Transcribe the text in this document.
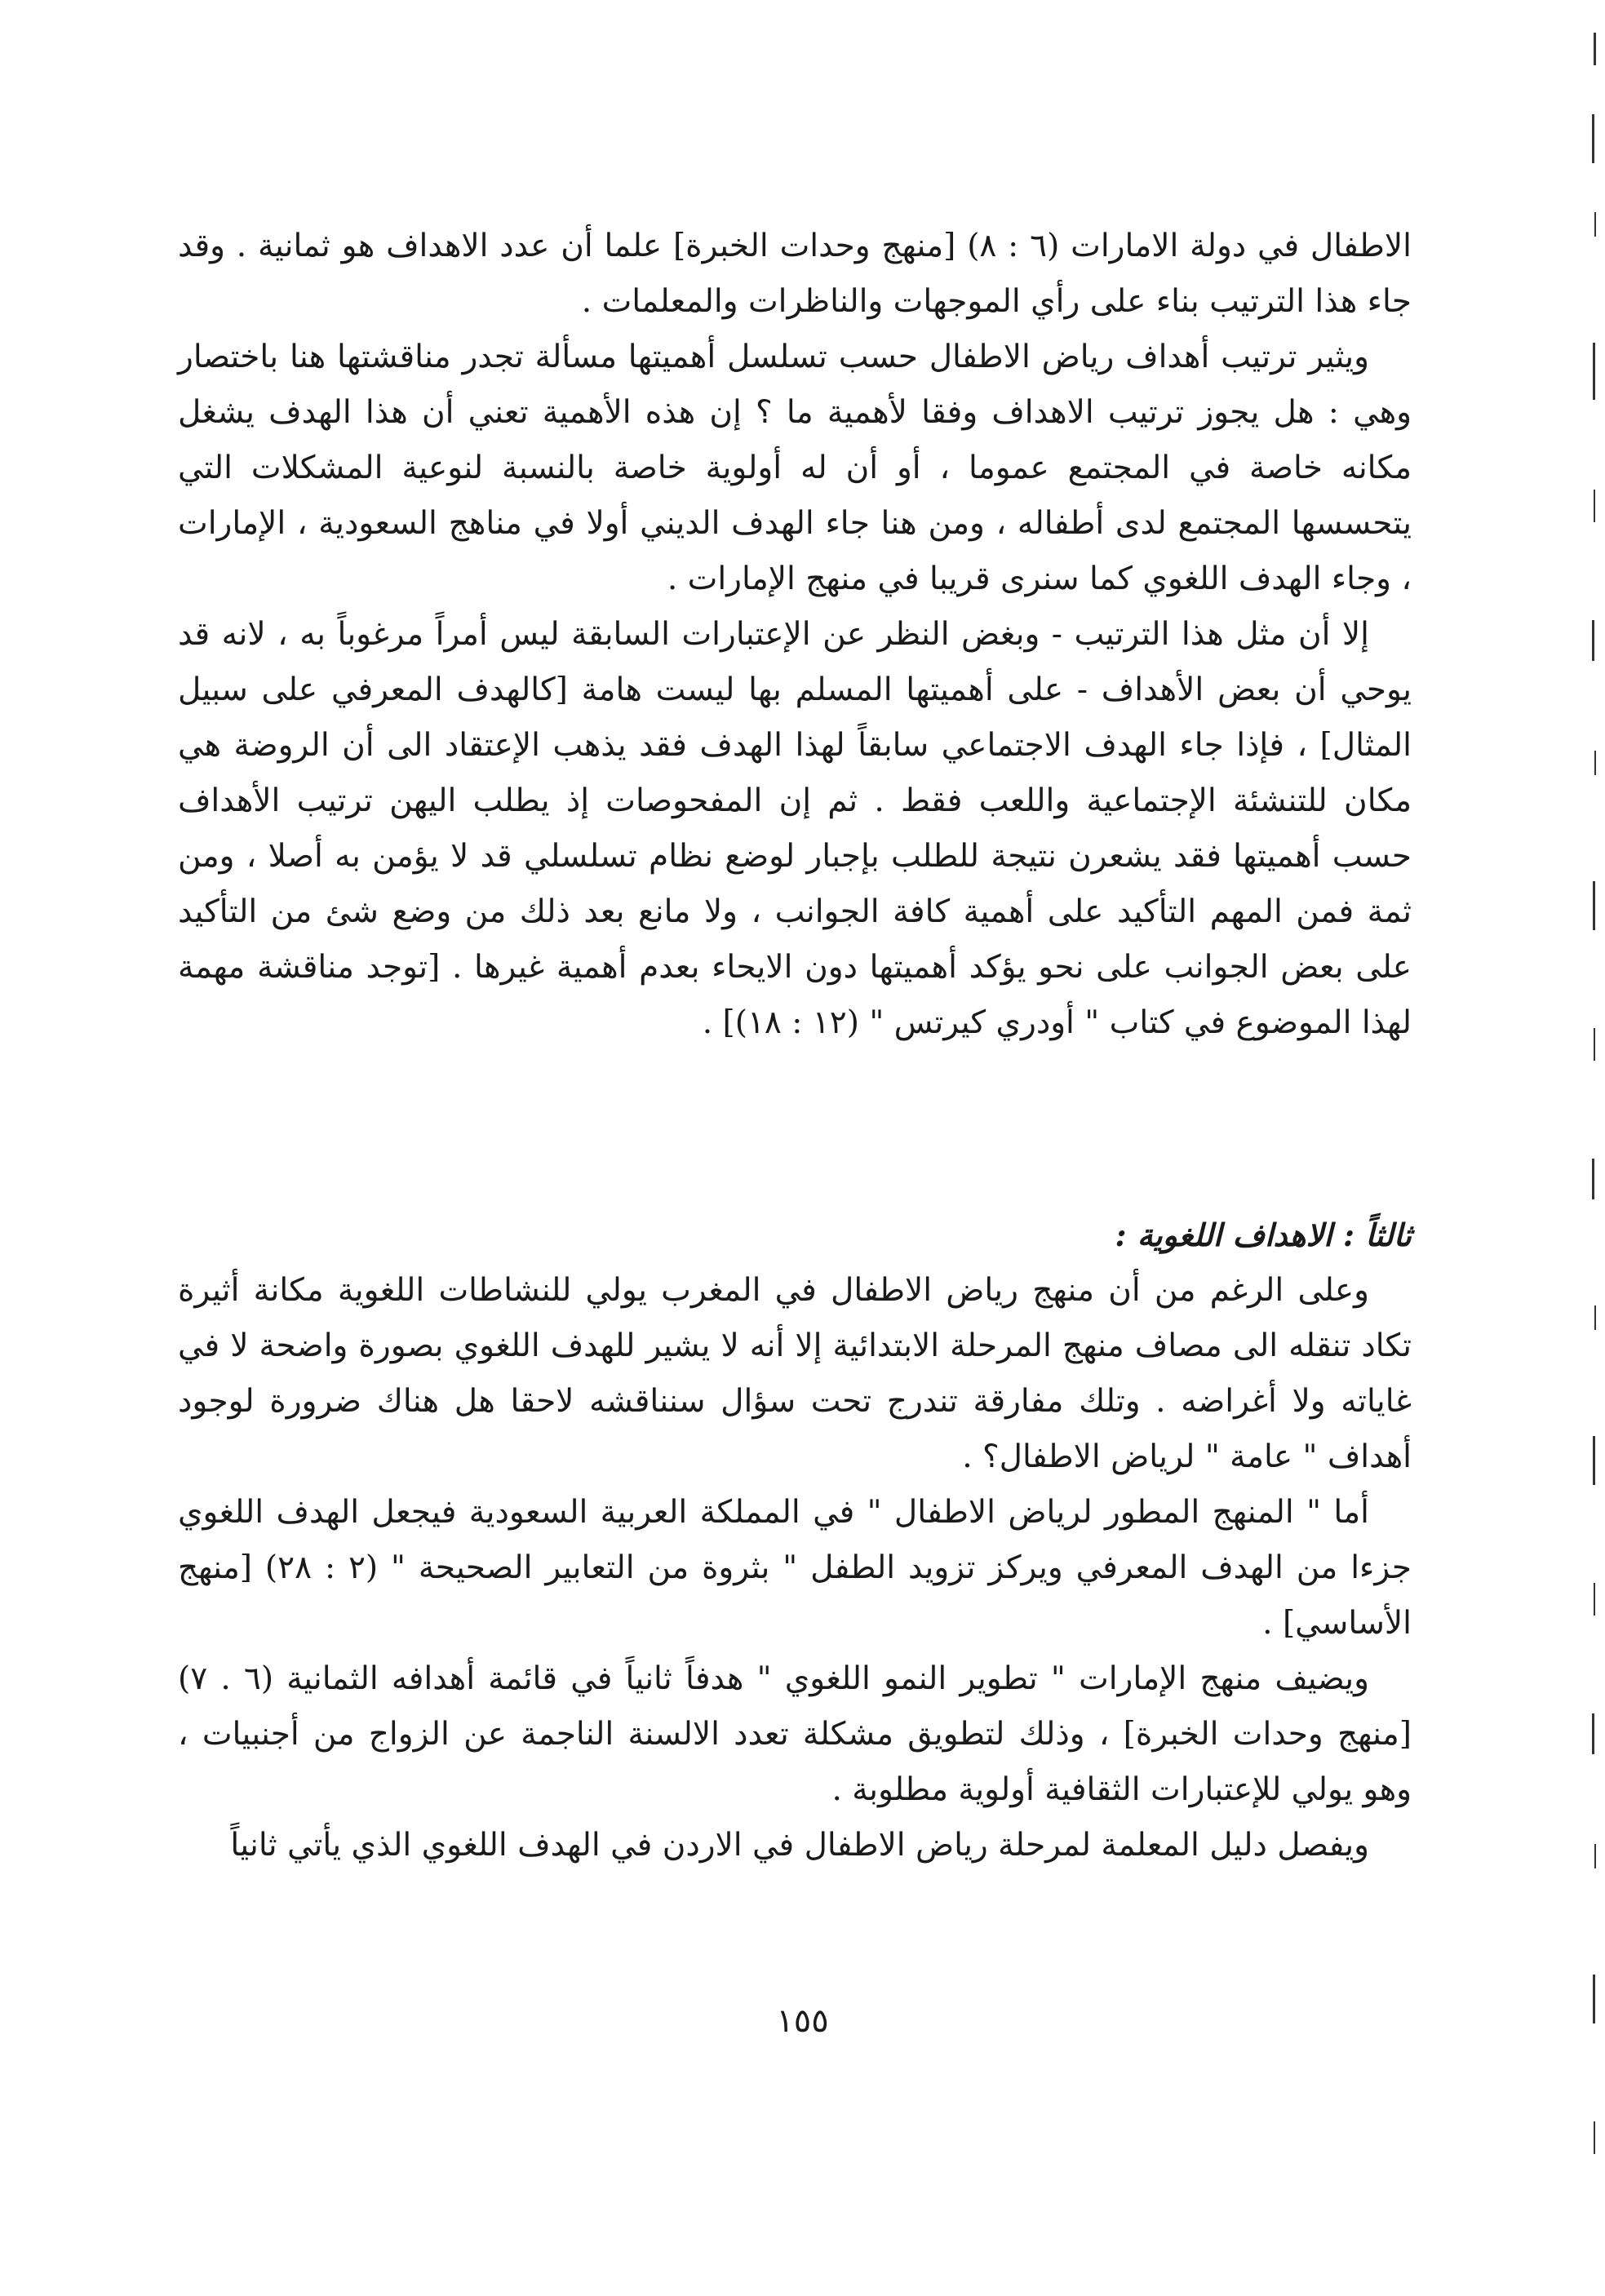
الاطفال في دولة الامارات (٦ : ٨) [منهج وحدات الخبرة] علما أن عدد الاهداف هو ثمانية . وقد جاء هذا الترتيب بناء على رأي الموجهات والناظرات والمعلمات .

ويثير ترتيب أهداف رياض الاطفال حسب تسلسل أهميتها مسألة تجدر مناقشتها هنا باختصار وهي : هل يجوز ترتيب الاهداف وفقا لأهمية ما ؟ إن هذه الأهمية تعني أن هذا الهدف يشغل مكانه خاصة في المجتمع عموما ، أو أن له أولوية خاصة بالنسبة لنوعية المشكلات التي يتحسسها المجتمع لدى أطفاله ، ومن هنا جاء الهدف الديني أولا في مناهج السعودية ، الإمارات ، وجاء الهدف اللغوي كما سنرى قريبا في منهج الإمارات .

إلا أن مثل هذا الترتيب - وبغض النظر عن الإعتبارات السابقة ليس أمراً مرغوباً به ، لانه قد يوحي أن بعض الأهداف - على أهميتها المسلم بها ليست هامة [كالهدف المعرفي على سبيل المثال] ، فإذا جاء الهدف الاجتماعي سابقاً لهذا الهدف فقد يذهب الإعتقاد الى أن الروضة هي مكان للتنشئة الإجتماعية واللعب فقط . ثم إن المفحوصات إذ يطلب اليهن ترتيب الأهداف حسب أهميتها فقد يشعرن نتيجة للطلب بإجبار لوضع نظام تسلسلي قد لا يؤمن به أصلا ، ومن ثمة فمن المهم التأكيد على أهمية كافة الجوانب ، ولا مانع بعد ذلك من وضع شئ من التأكيد على بعض الجوانب على نحو يؤكد أهميتها دون الايحاء بعدم أهمية غيرها . [توجد مناقشة مهمة لهذا الموضوع في كتاب " أودري كيرتس " (١٢ : ١٨)] .

ثالثاً : الاهداف اللغوية :

وعلى الرغم من أن منهج رياض الاطفال في المغرب يولي للنشاطات اللغوية مكانة أثيرة تكاد تنقله الى مصاف منهج المرحلة الابتدائية إلا أنه لا يشير للهدف اللغوي بصورة واضحة لا في غاياته ولا أغراضه . وتلك مفارقة تندرج تحت سؤال سنناقشه لاحقا هل هناك ضرورة لوجود أهداف " عامة " لرياض الاطفال؟ .

أما " المنهج المطور لرياض الاطفال " في المملكة العربية السعودية فيجعل الهدف اللغوي جزءا من الهدف المعرفي ويركز تزويد الطفل " بثروة من التعابير الصحيحة " (٢ : ٢٨) [منهج الأساسي] .

ويضيف منهج الإمارات " تطوير النمو اللغوي " هدفاً ثانياً في قائمة أهدافه الثمانية (٦ . ٧) [منهج وحدات الخبرة] ، وذلك لتطويق مشكلة تعدد الالسنة الناجمة عن الزواج من أجنبيات ، وهو يولي للإعتبارات الثقافية أولوية مطلوبة .

ويفصل دليل المعلمة لمرحلة رياض الاطفال في الاردن في الهدف اللغوي الذي يأتي ثانياً

١٥٥
